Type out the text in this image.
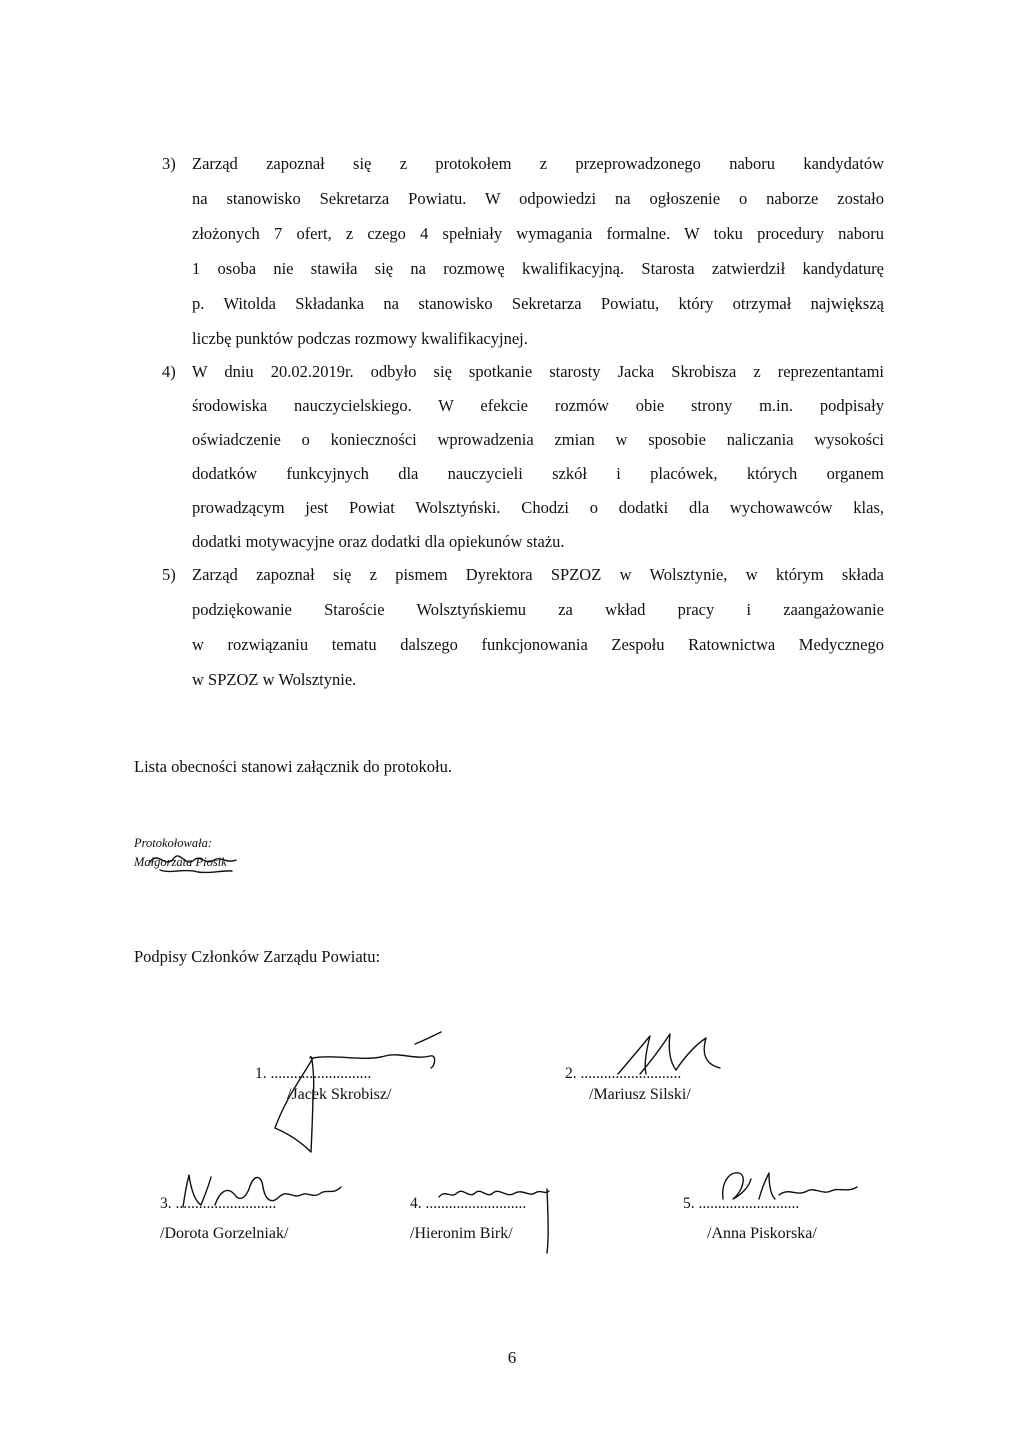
3) Zarząd zapoznał się z protokołem z przeprowadzonego naboru kandydatów
na stanowisko Sekretarza Powiatu. W odpowiedzi na ogłoszenie o naborze zostało
złożonych 7 ofert, z czego 4 spełniały wymagania formalne. W toku procedury naboru
1 osoba nie stawiła się na rozmowę kwalifikacyjną. Starosta zatwierdził kandydaturę
p. Witolda Składanka na stanowisko Sekretarza Powiatu, który otrzymał największą
liczbę punktów podczas rozmowy kwalifikacyjnej.
4) W dniu 20.02.2019r. odbyło się spotkanie starosty Jacka Skrobisza z reprezentantami
środowiska nauczycielskiego. W efekcie rozmów obie strony m.in. podpisały
oświadczenie o konieczności wprowadzenia zmian w sposobie naliczania wysokości
dodatków funkcyjnych dla nauczycieli szkół i placówek, których organem
prowadzącym jest Powiat Wolsztyński. Chodzi o dodatki dla wychowawców klas,
dodatki motywacyjne oraz dodatki dla opiekunów stażu.
5) Zarząd zapoznał się z pismem Dyrektora SPZOZ w Wolsztynie, w którym składa
podziękowanie Staroście Wolsztyńskiemu za wkład pracy i zaangażowanie
w rozwiązaniu tematu dalszego funkcjonowania Zespołu Ratownictwa Medycznego
w SPZOZ w Wolsztynie.
Lista obecności stanowi załącznik do protokołu.
Protokołowała:
Małgorzata Piosik
Podpisy Członków Zarządu Powiatu:
1. ..........................
/Jacek Skrobisz/
2. ..........................
/Mariusz Silski/
3. ..........................
/Dorota Gorzelniak/
4. ..........................
/Hieronim Birk/
5. ..........................
/Anna Piskorska/
6
